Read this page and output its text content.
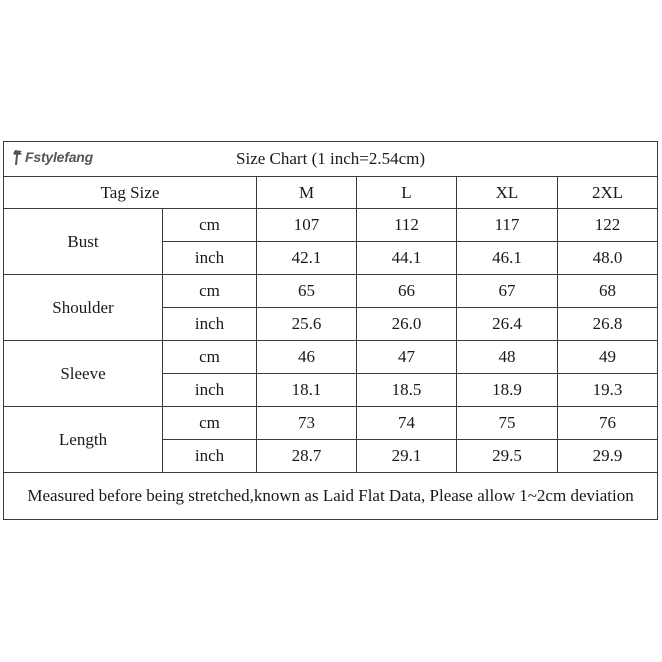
Fstylefang Size Chart (1 inch=2.54cm)					
Tag Size		M	L	XL	2XL
Bust	cm	107	112	117	122
	inch	42.1	44.1	46.1	48.0
Shoulder	cm	65	66	67	68
	inch	25.6	26.0	26.4	26.8
Sleeve	cm	46	47	48	49
	inch	18.1	18.5	18.9	19.3
Length	cm	73	74	75	76
	inch	28.7	29.1	29.5	29.9
Measured before being stretched,known as Laid Flat Data, Please allow 1~2cm deviation					
